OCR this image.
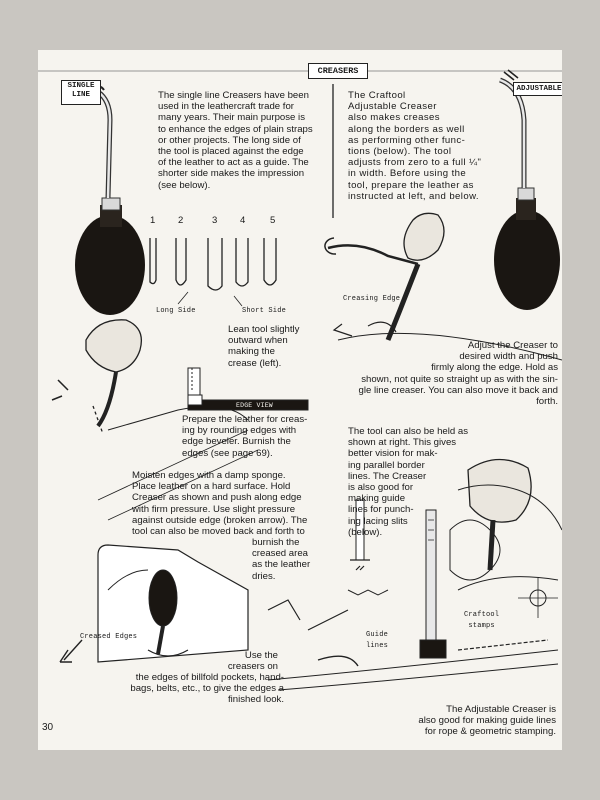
CREASERS
SINGLE
LINE
ADJUSTABLE

The single line Creasers have been
used in the leathercraft trade for
many years. Their main purpose is
to enhance the edges of plain straps
or other projects. The long side of
the tool is placed against the edge
of the leather to act as a guide. The
shorter side makes the impression
(see below).

The Craftool
Adjustable Creaser
also makes creases
along the borders as well
as performing other func-
tions (below). The tool
adjusts from zero to a full ¼"
in width. Before using the
tool, prepare the leather as
instructed at left, and below.

1 2	3 4	5
Long Side	Short Side
Creasing Edge

Lean tool slightly
outward when
making the
crease (left).

EDGE VIEW

Prepare the leather for creas-
ing by rounding edges with
edge beveler. Burnish the
edges (see page 69).

Adjust the Creaser to
desired width and push
firmly along the edge. Hold as
shown, not quite so straight up as with the sin-
gle line creaser. You can also move it back and
forth.

The tool can also be held as
shown at right. This gives
better vision for mak-
ing parallel border
lines. The Creaser
is also good for
making guide
lines for punch-
ing lacing slits
(below).

Moisten edges with a damp sponge.
Place leather on a hard surface. Hold
Creaser as shown and push along edge
with firm pressure. Use slight pressure
against outside edge (broken arrow). The
tool can also be moved back and forth to

burnish the
creased area
as the leather
dries.

Creased Edges	Guide
lines
Craftool
stamps

Use the
creasers on

the edges of billfold pockets, hand-
bags, belts, etc., to give the edges a
finished look.

The Adjustable Creaser is
also good for making guide lines
for rope & geometric stamping.

30
